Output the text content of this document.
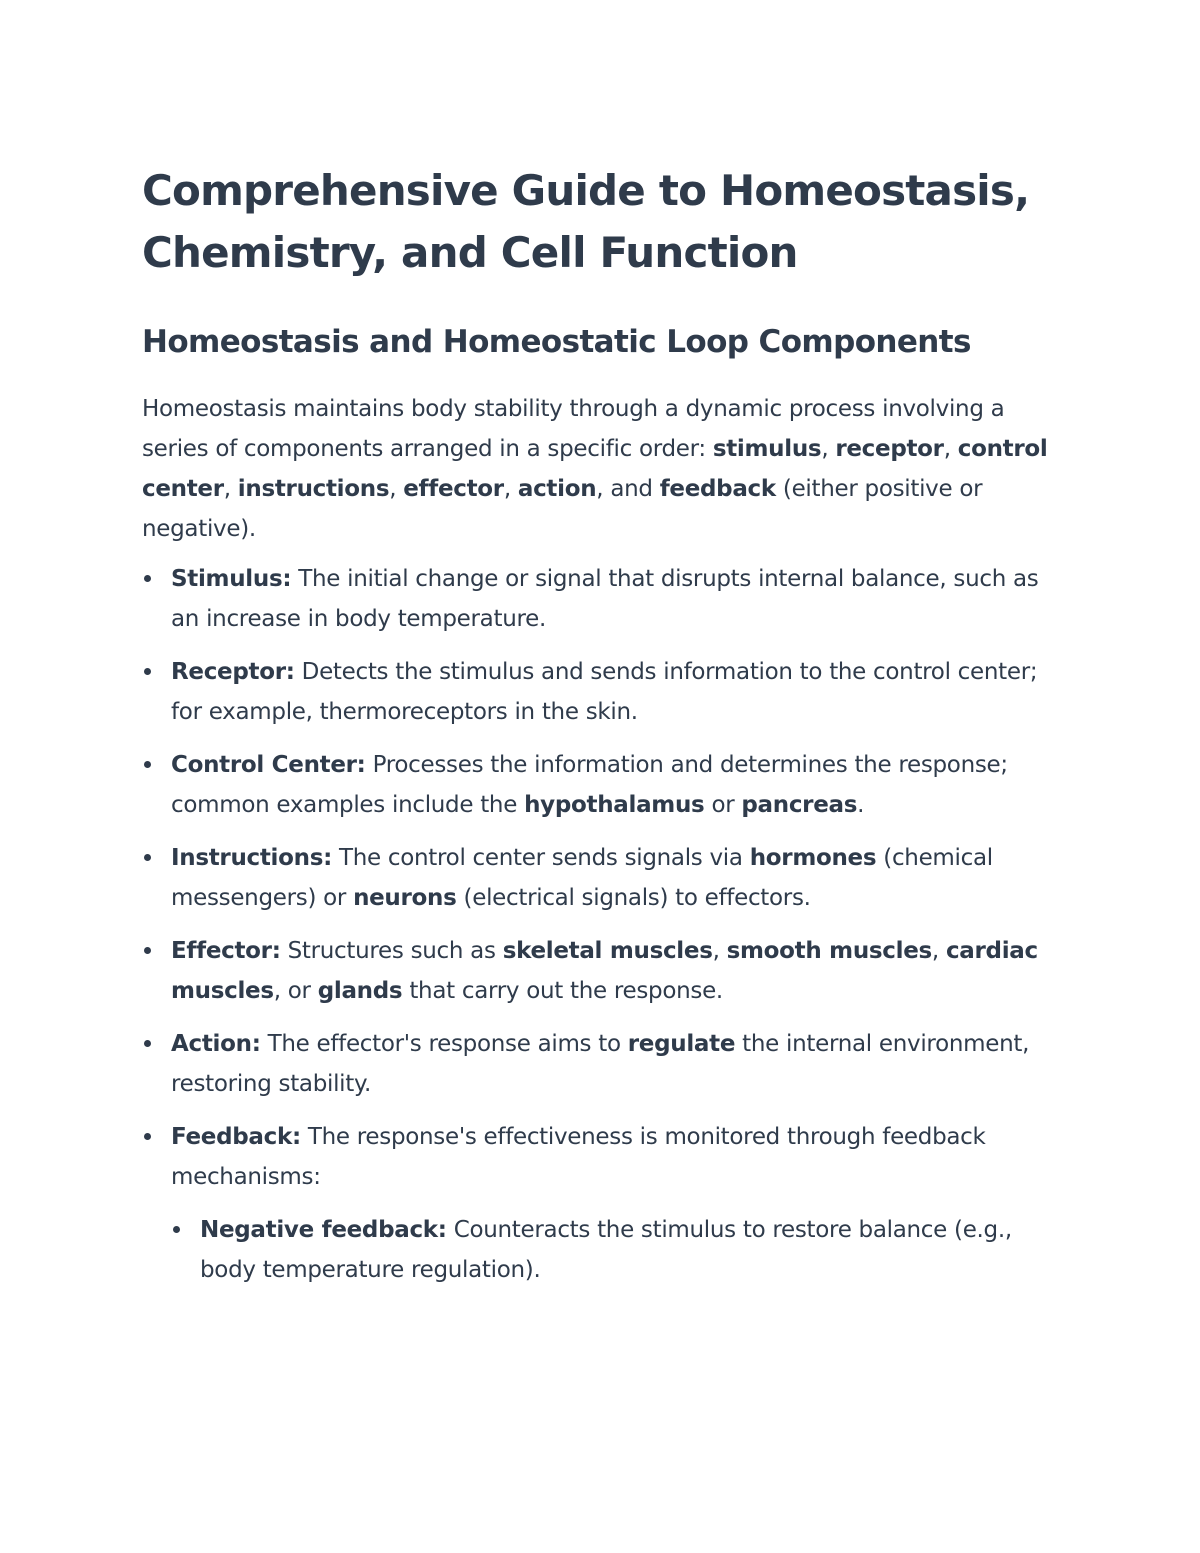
Comprehensive Guide to Homeostasis, Chemistry, and Cell Function
Homeostasis and Homeostatic Loop Components

Homeostasis maintains body stability through a dynamic process involving a series of components arranged in a specific order: stimulus, receptor, control center, instructions, effector, action, and feedback (either positive or negative).

Stimulus: The initial change or signal that disrupts internal balance, such as an increase in body temperature.
Receptor: Detects the stimulus and sends information to the control center; for example, thermoreceptors in the skin.
Control Center: Processes the information and determines the response; common examples include the hypothalamus or pancreas.
Instructions: The control center sends signals via hormones (chemical messengers) or neurons (electrical signals) to effectors.
Effector: Structures such as skeletal muscles, smooth muscles, cardiac muscles, or glands that carry out the response.
Action: The effector's response aims to regulate the internal environment, restoring stability.
Feedback: The response's effectiveness is monitored through feedback mechanisms:
Negative feedback: Counteracts the stimulus to restore balance (e.g., body temperature regulation).
